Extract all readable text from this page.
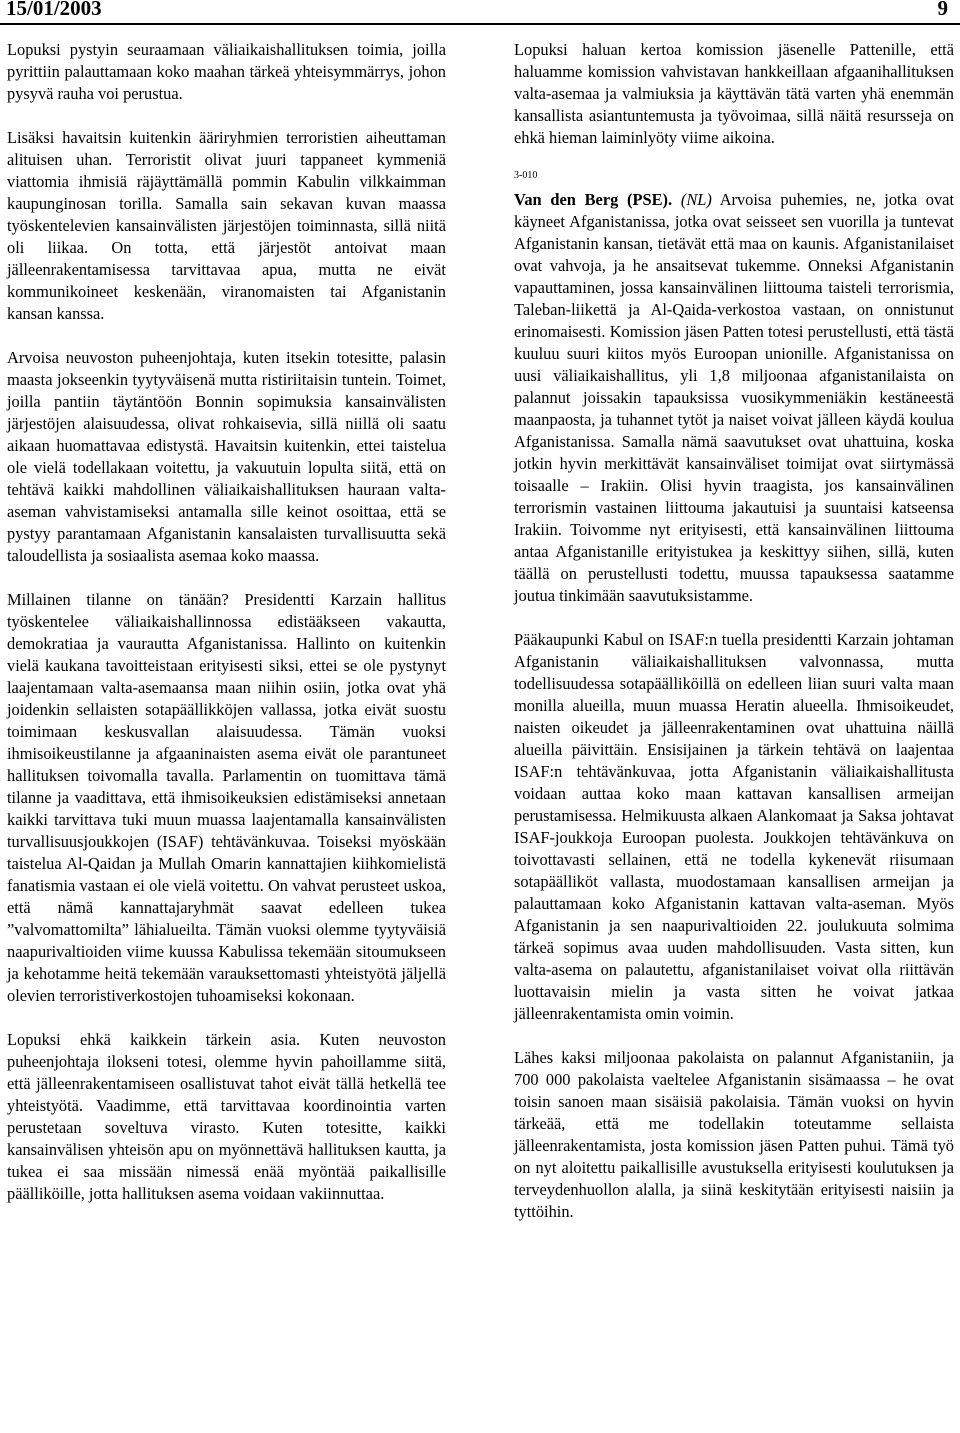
15/01/2003	9

Lopuksi pystyin seuraamaan väliaikaishallituksen toimia, joilla pyrittiin palauttamaan koko maahan tärkeä yhteisymmärrys, johon pysyvä rauha voi perustua.

Lisäksi havaitsin kuitenkin ääriryhmien terroristien aiheuttaman alituisen uhan. Terroristit olivat juuri tappaneet kymmeniä viattomia ihmisiä räjäyttämällä pommin Kabulin vilkkaimman kaupunginosan torilla. Samalla sain sekavan kuvan maassa työskentelevien kansainvälisten järjestöjen toiminnasta, sillä niitä oli liikaa. On totta, että järjestöt antoivat maan jälleenrakentamisessa tarvittavaa apua, mutta ne eivät kommunikoineet keskenään, viranomaisten tai Afganistanin kansan kanssa.

Arvoisa neuvoston puheenjohtaja, kuten itsekin totesitte, palasin maasta jokseenkin tyytyväisenä mutta ristiriitaisin tuntein. Toimet, joilla pantiin täytäntöön Bonnin sopimuksia kansainvälisten järjestöjen alaisuudessa, olivat rohkaisevia, sillä niillä oli saatu aikaan huomattavaa edistystä. Havaitsin kuitenkin, ettei taistelua ole vielä todellakaan voitettu, ja vakuutuin lopulta siitä, että on tehtävä kaikki mahdollinen väliaikaishallituksen hauraan valta-aseman vahvistamiseksi antamalla sille keinot osoittaa, että se pystyy parantamaan Afganistanin kansalaisten turvallisuutta sekä taloudellista ja sosiaalista asemaa koko maassa.

Millainen tilanne on tänään? Presidentti Karzain hallitus työskentelee väliaikaishallinnossa edistääkseen vakautta, demokratiaa ja vaurautta Afganistanissa. Hallinto on kuitenkin vielä kaukana tavoitteistaan erityisesti siksi, ettei se ole pystynyt laajentamaan valta-asemaansa maan niihin osiin, jotka ovat yhä joidenkin sellaisten sotapäällikköjen vallassa, jotka eivät suostu toimimaan keskusvallan alaisuudessa. Tämän vuoksi ihmisoikeustilanne ja afgaaninaisten asema eivät ole parantuneet hallituksen toivomalla tavalla. Parlamentin on tuomittava tämä tilanne ja vaadittava, että ihmisoikeuksien edistämiseksi annetaan kaikki tarvittava tuki muun muassa laajentamalla kansainvälisten turvallisuusjoukkojen (ISAF) tehtävänkuvaa. Toiseksi myöskään taistelua Al-Qaidan ja Mullah Omarin kannattajien kiihkomielistä fanatismia vastaan ei ole vielä voitettu. On vahvat perusteet uskoa, että nämä kannattajaryhmät saavat edelleen tukea ”valvomattomilta” lähialueilta. Tämän vuoksi olemme tyytyväisiä naapurivaltioiden viime kuussa Kabulissa tekemään sitoumukseen ja kehotamme heitä tekemään varauksettomasti yhteistyötä jäljellä olevien terroristiverkostojen tuhoamiseksi kokonaan.

Lopuksi ehkä kaikkein tärkein asia. Kuten neuvoston puheenjohtaja ilokseni totesi, olemme hyvin pahoillamme siitä, että jälleenrakentamiseen osallistuvat tahot eivät tällä hetkellä tee yhteistyötä. Vaadimme, että tarvittavaa koordinointia varten perustetaan soveltuva virasto. Kuten totesitte, kaikki kansainvälisen yhteisön apu on myönnettävä hallituksen kautta, ja tukea ei saa missään nimessä enää myöntää paikallisille päälliköille, jotta hallituksen asema voidaan vakiinnuttaa.

Lopuksi haluan kertoa komission jäsenelle Pattenille, että haluamme komission vahvistavan hankkeillaan afgaanihallituksen valta-asemaa ja valmiuksia ja käyttävän tätä varten yhä enemmän kansallista asiantuntemusta ja työvoimaa, sillä näitä resursseja on ehkä hieman laiminlyöty viime aikoina.

3-010

Van den Berg (PSE). (NL) Arvoisa puhemies, ne, jotka ovat käyneet Afganistanissa, jotka ovat seisseet sen vuorilla ja tuntevat Afganistanin kansan, tietävät että maa on kaunis. Afganistanilaiset ovat vahvoja, ja he ansaitsevat tukemme. Onneksi Afganistanin vapauttaminen, jossa kansainvälinen liittouma taisteli terrorismia, Taleban-liikettä ja Al-Qaida-verkostoa vastaan, on onnistunut erinomaisesti. Komission jäsen Patten totesi perustellusti, että tästä kuuluu suuri kiitos myös Euroopan unionille. Afganistanissa on uusi väliaikaishallitus, yli 1,8 miljoonaa afganistanilaista on palannut joissakin tapauksissa vuosikymmeniäkin kestäneestä maanpaosta, ja tuhannet tytöt ja naiset voivat jälleen käydä koulua Afganistanissa. Samalla nämä saavutukset ovat uhattuina, koska jotkin hyvin merkittävät kansainväliset toimijat ovat siirtymässä toisaalle – Irakiin. Olisi hyvin traagista, jos kansainvälinen terrorismin vastainen liittouma jakautuisi ja suuntaisi katseensa Irakiin. Toivomme nyt erityisesti, että kansainvälinen liittouma antaa Afganistanille erityistukea ja keskittyy siihen, sillä, kuten täällä on perustellusti todettu, muussa tapauksessa saatamme joutua tinkimään saavutuksistamme.

Pääkaupunki Kabul on ISAF:n tuella presidentti Karzain johtaman Afganistanin väliaikaishallituksen valvonnassa, mutta todellisuudessa sotapäälliköillä on edelleen liian suuri valta maan monilla alueilla, muun muassa Heratin alueella. Ihmisoikeudet, naisten oikeudet ja jälleenrakentaminen ovat uhattuina näillä alueilla päivittäin. Ensisijainen ja tärkein tehtävä on laajentaa ISAF:n tehtävänkuvaa, jotta Afganistanin väliaikaishallitusta voidaan auttaa koko maan kattavan kansallisen armeijan perustamisessa. Helmikuusta alkaen Alankomaat ja Saksa johtavat ISAF-joukkoja Euroopan puolesta. Joukkojen tehtävänkuva on toivottavasti sellainen, että ne todella kykenevät riisumaan sotapäälliköt vallasta, muodostamaan kansallisen armeijan ja palauttamaan koko Afganistanin kattavan valta-aseman. Myös Afganistanin ja sen naapurivaltioiden 22. joulukuuta solmima tärkeä sopimus avaa uuden mahdollisuuden. Vasta sitten, kun valta-asema on palautettu, afganistanilaiset voivat olla riittävän luottavaisin mielin ja vasta sitten he voivat jatkaa jälleenrakentamista omin voimin.

Lähes kaksi miljoonaa pakolaista on palannut Afganistaniin, ja 700 000 pakolaista vaeltelee Afganistanin sisämaassa – he ovat toisin sanoen maan sisäisiä pakolaisia. Tämän vuoksi on hyvin tärkeää, että me todellakin toteutamme sellaista jälleenrakentamista, josta komission jäsen Patten puhui. Tämä työ on nyt aloitettu paikallisille avustuksella erityisesti koulutuksen ja terveydenhuollon alalla, ja siinä keskitytään erityisesti naisiin ja tyttöihin.
